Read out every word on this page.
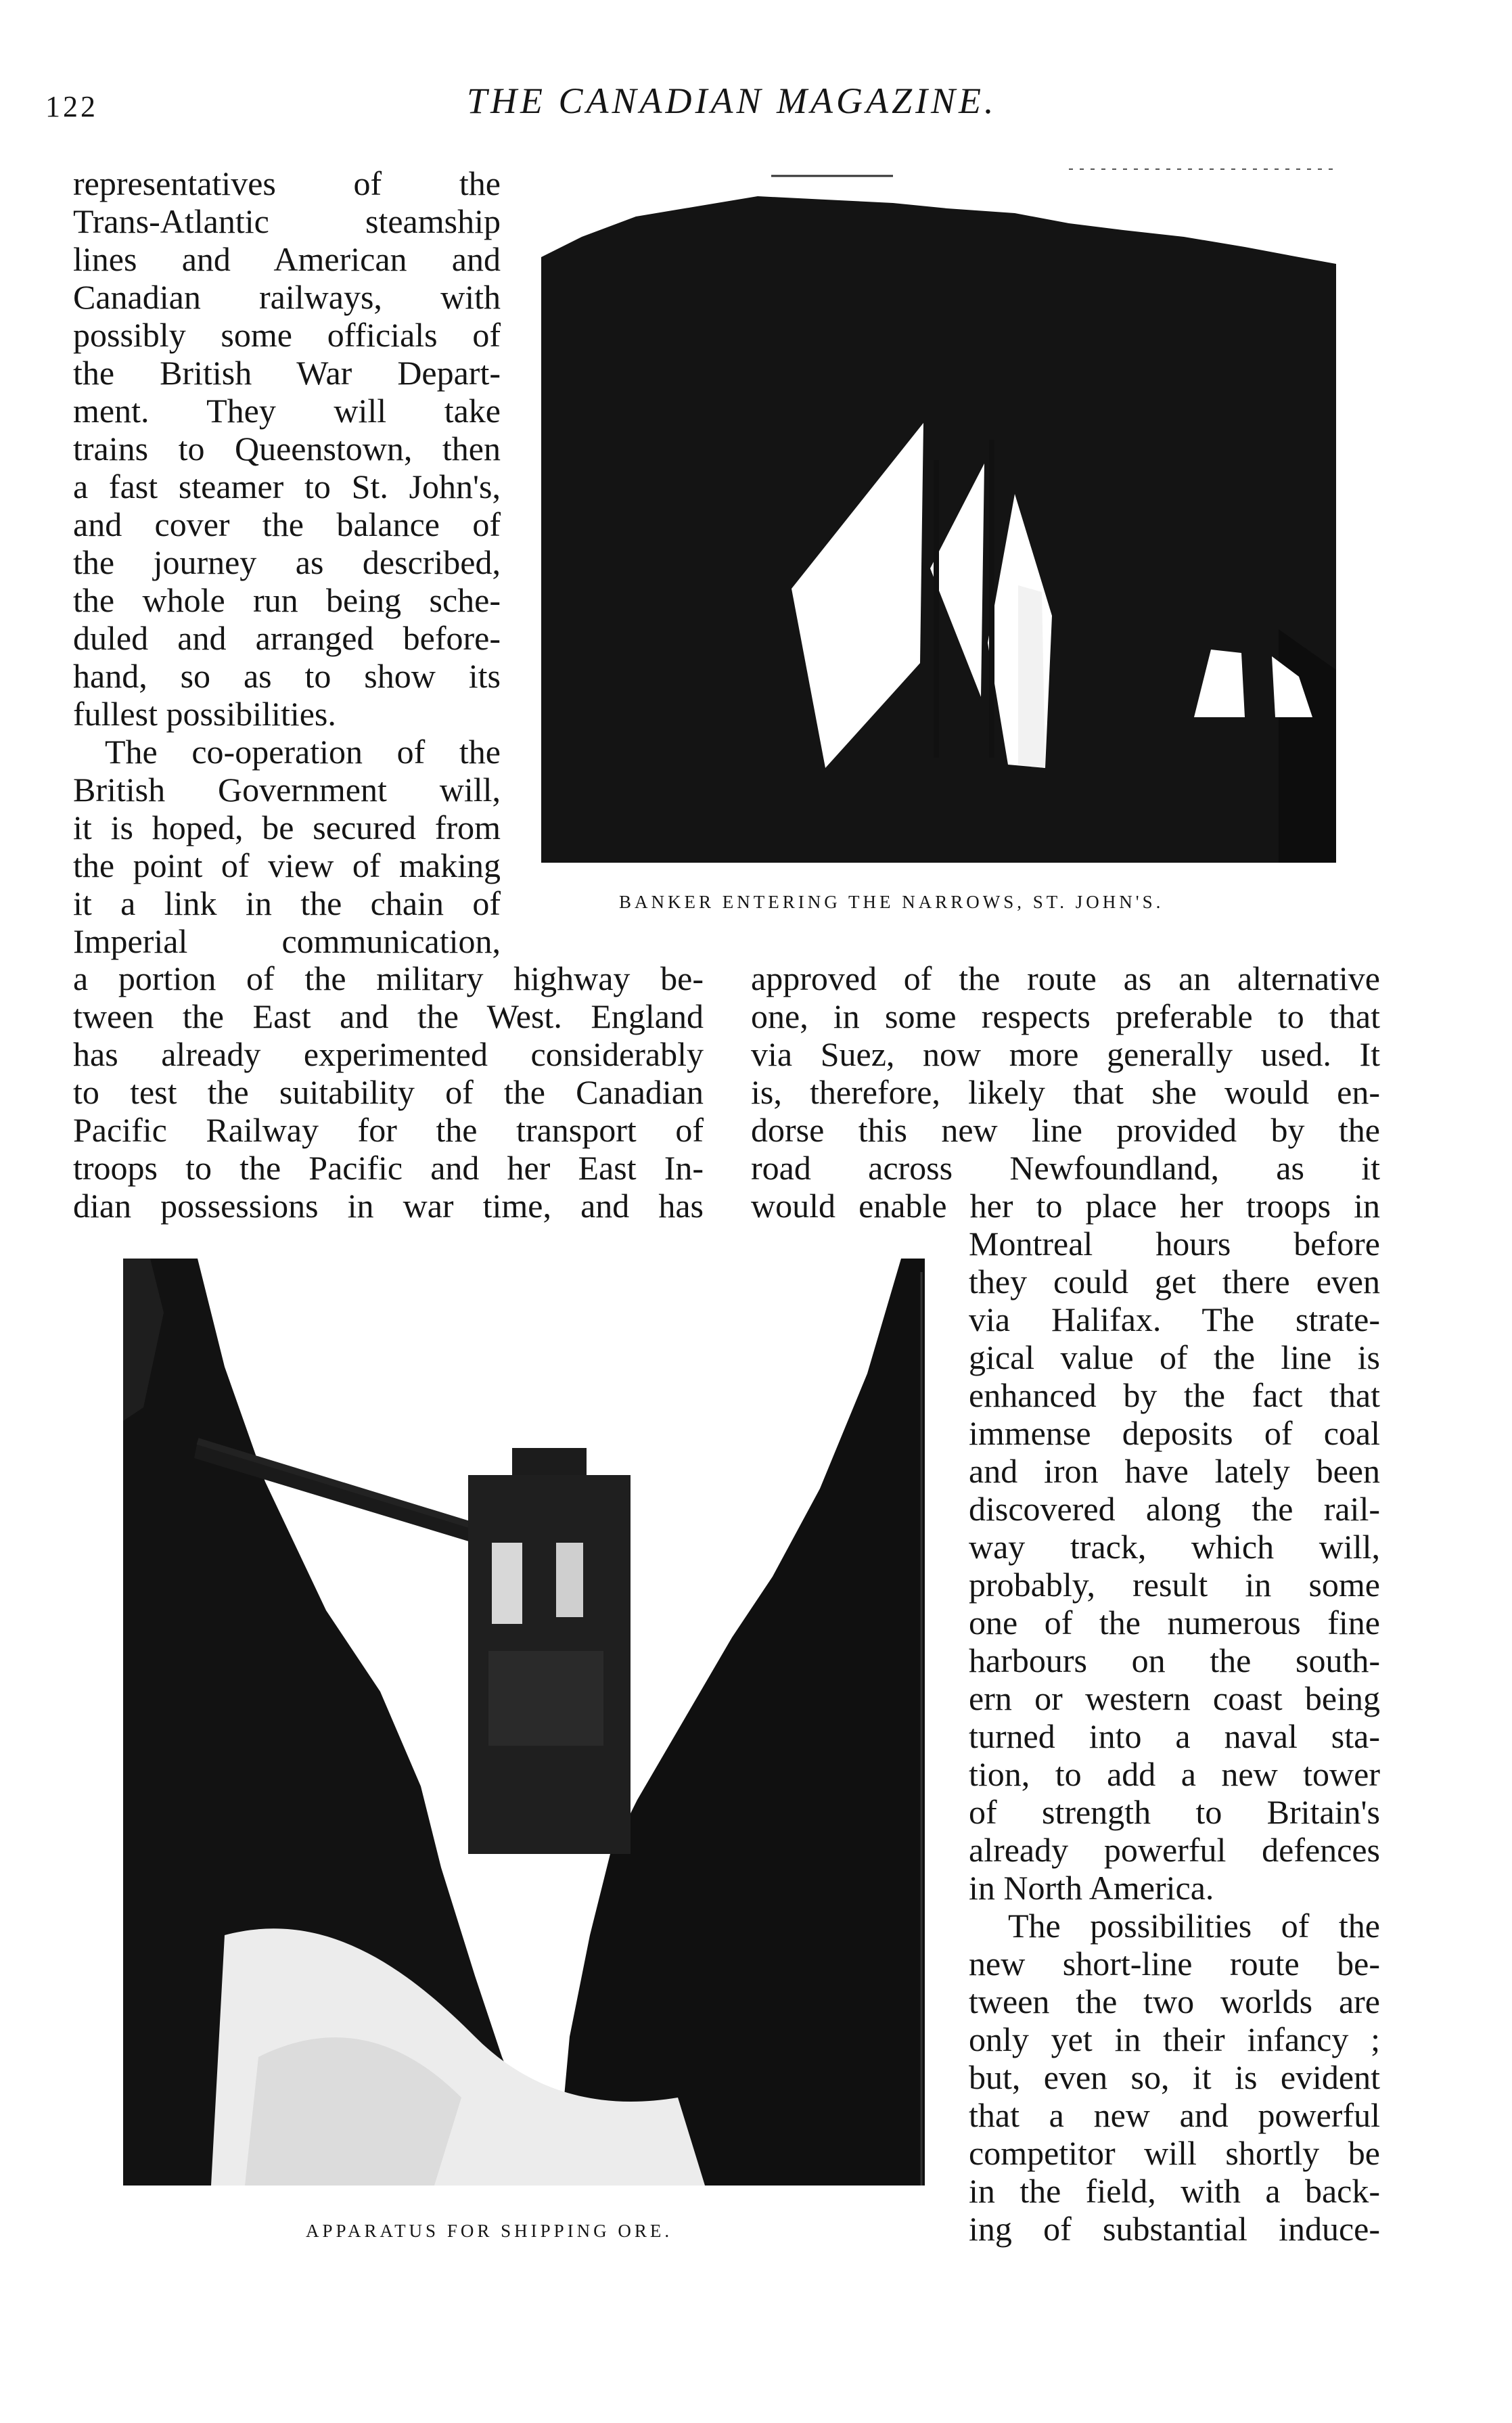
122	THE CANADIAN MAGAZINE.
representatives of the
Trans-Atlantic steamship
lines and American and
Canadian railways, with
possibly some officials of
the British War Depart-
ment. They will take
trains to Queenstown, then
a fast steamer to St. John's,
and cover the balance of
the journey as described,
the whole run being sche-
duled and arranged before-
hand, so as to show its
fullest possibilities.
The co-operation of the
British Government will,
it is hoped, be secured from
the point of view of making
it a link in the chain of
Imperial communication,
BANKER ENTERING THE NARROWS, ST. JOHN'S.
a portion of the military highway be-
tween the East and the West. England
has already experimented considerably
to test the suitability of the Canadian
Pacific Railway for the transport of
troops to the Pacific and her East In-
dian possessions in war time, and has
approved of the route as an alternative
one, in some respects preferable to that
via Suez, now more generally used. It
is, therefore, likely that she would en-
dorse this new line provided by the
road across Newfoundland, as it
would enable her to place her troops in
APPARATUS FOR SHIPPING ORE.
Montreal hours before
they could get there even
via Halifax. The strate-
gical value of the line is
enhanced by the fact that
immense deposits of coal
and iron have lately been
discovered along the rail-
way track, which will,
probably, result in some
one of the numerous fine
harbours on the south-
ern or western coast being
turned into a naval sta-
tion, to add a new tower
of strength to Britain's
already powerful defences
in North America.
The possibilities of the
new short-line route be-
tween the two worlds are
only yet in their infancy ;
but, even so, it is evident
that a new and powerful
competitor will shortly be
in the field, with a back-
ing of substantial induce-
